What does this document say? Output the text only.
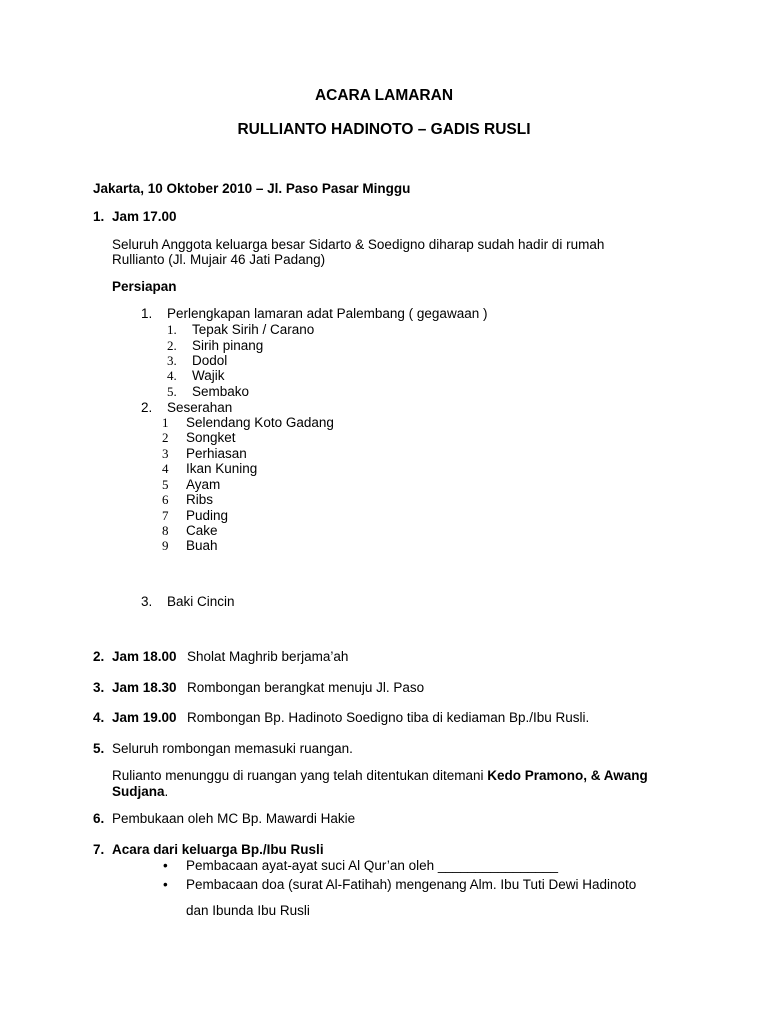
ACARA LAMARAN
RULLIANTO HADINOTO – GADIS RUSLI
Jakarta, 10 Oktober 2010 – Jl. Paso Pasar Minggu
1. Jam 17.00
Seluruh Anggota keluarga besar Sidarto & Soedigno diharap sudah hadir di rumah
Rullianto (Jl. Mujair 46 Jati Padang)
Persiapan
1. Perlengkapan lamaran adat Palembang ( gegawaan )
1. Tepak Sirih / Carano
2. Sirih pinang
3. Dodol
4. Wajik
5. Sembako
2. Seserahan
1 Selendang Koto Gadang
2 Songket
3 Perhiasan
4 Ikan Kuning
5 Ayam
6 Ribs
7 Puding
8 Cake
9 Buah
3. Baki Cincin
2. Jam 18.00 Sholat Maghrib berjama’ah
3. Jam 18.30 Rombongan berangkat menuju Jl. Paso
4. Jam 19.00 Rombongan Bp. Hadinoto Soedigno tiba di kediaman Bp./Ibu Rusli.
5. Seluruh rombongan memasuki ruangan.
Rulianto menunggu di ruangan yang telah ditentukan ditemani Kedo Pramono, & Awang
Sudjana.
6. Pembukaan oleh MC Bp. Mawardi Hakie
7. Acara dari keluarga Bp./Ibu Rusli
• Pembacaan ayat-ayat suci Al Qur’an oleh ________________
• Pembacaan doa (surat Al-Fatihah) mengenang Alm. Ibu Tuti Dewi Hadinoto
dan Ibunda Ibu Rusli
